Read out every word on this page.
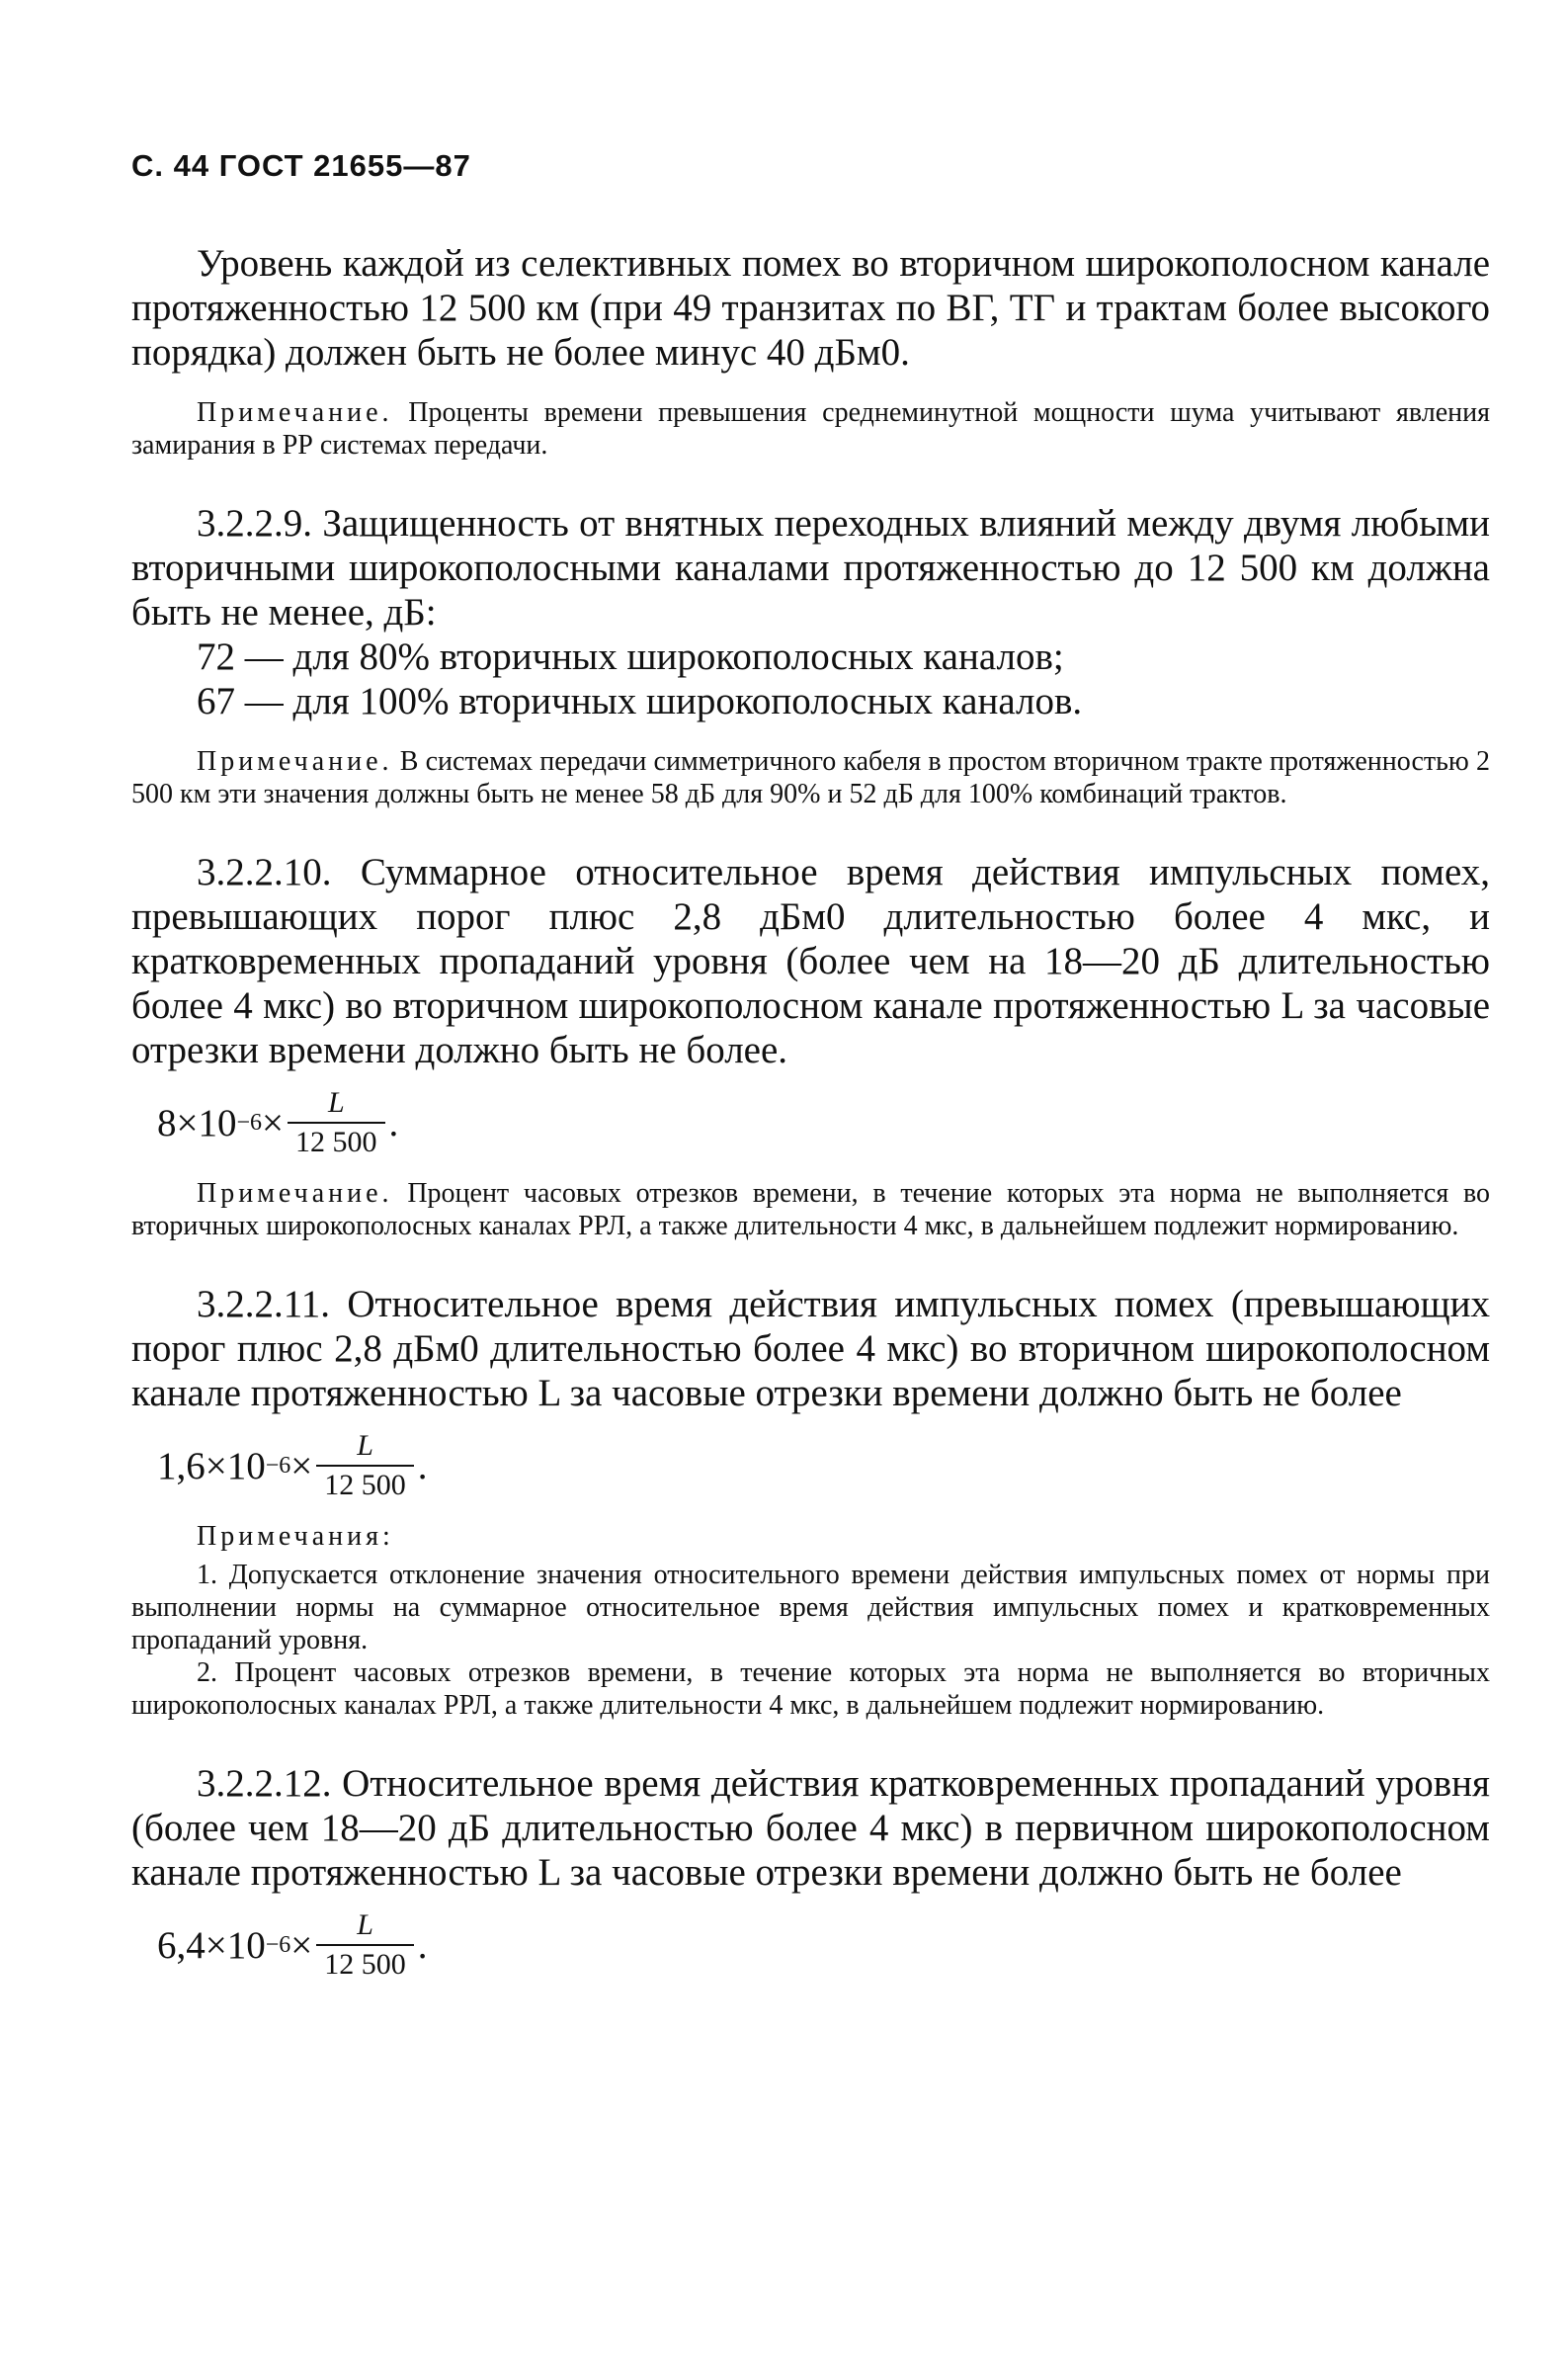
С. 44 ГОСТ 21655—87

Уровень каждой из селективных помех во вторичном широкополосном канале протяженностью 12 500 км (при 49 транзитах по ВГ, ТГ и трактам более высокого порядка) должен быть не более минус 40 дБм0.

Примечание. Проценты времени превышения среднеминутной мощности шума учитывают явления замирания в РР системах передачи.

3.2.2.9. Защищенность от внятных переходных влияний между двумя любыми вторичными широкополосными каналами протяженностью до 12 500 км должна быть не менее, дБ:

72 — для 80% вторичных широкополосных каналов;

67 — для 100% вторичных широкополосных каналов.

Примечание. В системах передачи симметричного кабеля в простом вторичном тракте протяженностью 2 500 км эти значения должны быть не менее 58 дБ для 90% и 52 дБ для 100% комбинаций трактов.

3.2.2.10. Суммарное относительное время действия импульсных помех, превышающих порог плюс 2,8 дБм0 длительностью более 4 мкс, и кратковременных пропаданий уровня (более чем на 18—20 дБ длительностью более 4 мкс) во вторичном широкополосном канале протяженностью L за часовые отрезки времени должно быть не более.

$8\times 10 -6 \times \frac{L}{12 500}$ .

Примечание. Процент часовых отрезков времени, в течение которых эта норма не выполняется во вторичных широкополосных каналах РРЛ, а также длительности 4 мкс, в дальнейшем подлежит нормированию.

3.2.2.11. Относительное время действия импульсных помех (превышающих порог плюс 2,8 дБм0 длительностью более 4 мкс) во вторичном широкополосном канале протяженностью L за часовые отрезки времени должно быть не более

$1,6\times 10 -6 \times \frac{L}{12 500}$ .

Примечания:

1. Допускается отклонение значения относительного времени действия импульсных помех от нормы при выполнении нормы на суммарное относительное время действия импульсных помех и кратковременных пропаданий уровня.

2. Процент часовых отрезков времени, в течение которых эта норма не выполняется во вторичных широкополосных каналах РРЛ, а также длительности 4 мкс, в дальнейшем подлежит нормированию.

3.2.2.12. Относительное время действия кратковременных пропаданий уровня (более чем 18—20 дБ длительностью более 4 мкс) в первичном широкополосном канале протяженностью L за часовые отрезки времени должно быть не более

$6,4\times 10 -6 \times \frac{L}{12 500}$ .
